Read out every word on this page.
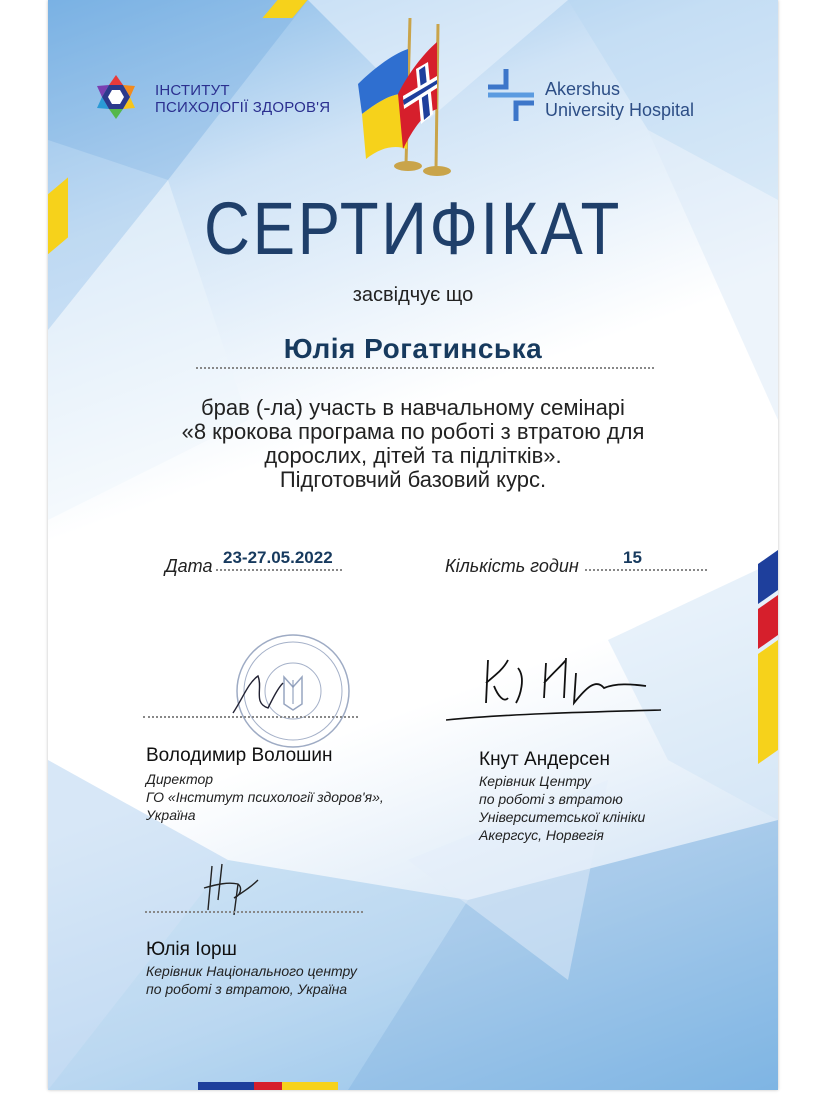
ІНСТИТУТ
ПСИХОЛОГІЇ ЗДОРОВ'Я
Akershus
University Hospital
СЕРТИФІКАТ
засвідчує що
Юлія Рогатинська
брав (-ла) участь в навчальному семінарі
«8 крокова програма по роботі з втратою для
дорослих, дітей та підлітків».
Підготовчий базовий курс.
Дата 23-27.05.2022	Кількість годин	15
Володимир Волошин
Директор
ГО «Інститут психології здоров'я»,
Україна
Кнут Андерсен
Керівник Центру
по роботі з втратою
Університетської клініки
Акергсус, Норвегія
Юлія Іорш
Керівник Національного центру
по роботі з втратою, Україна
